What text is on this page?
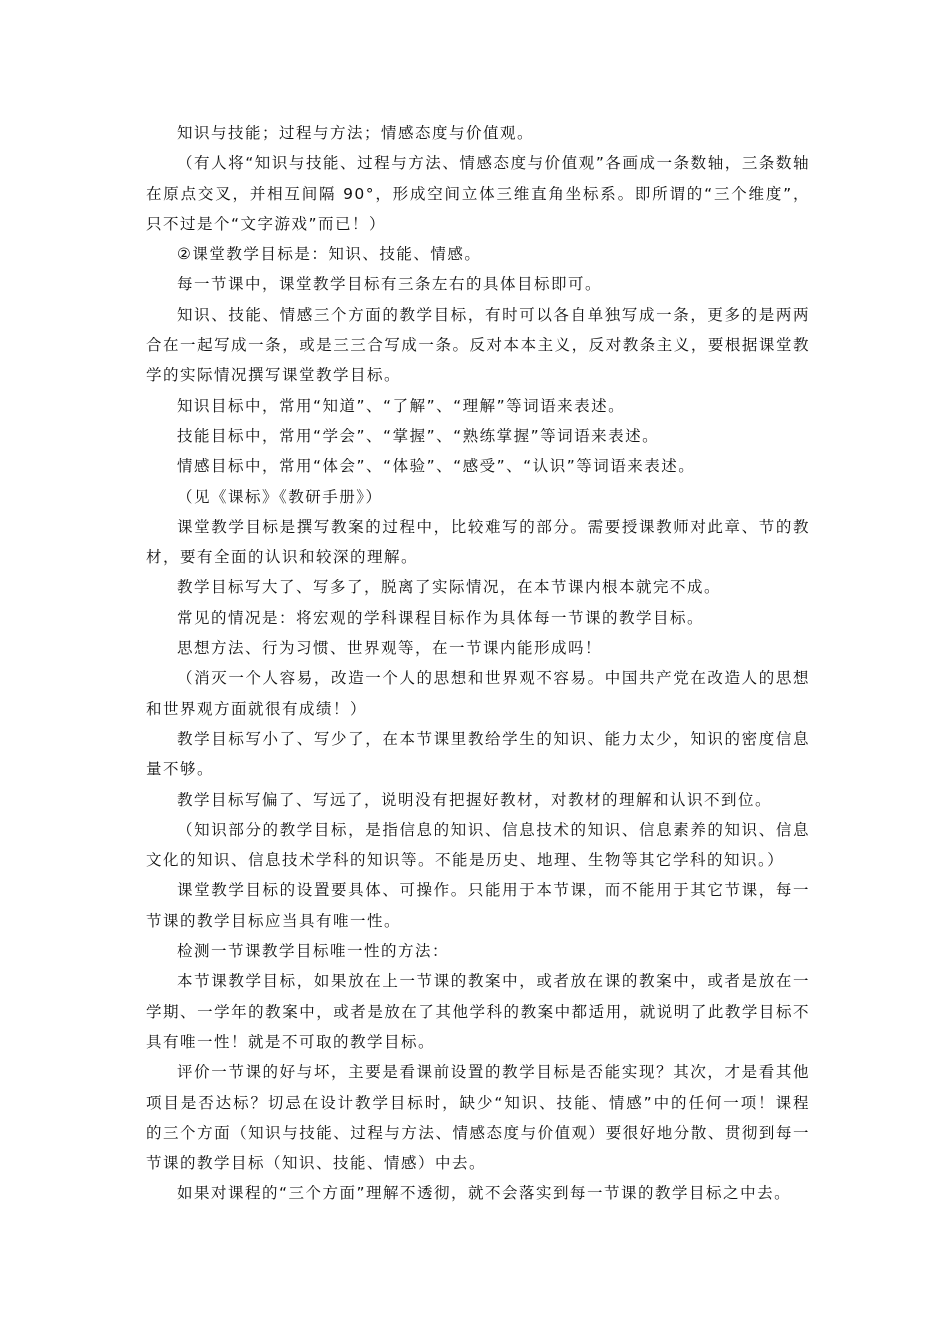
知识与技能；过程与方法；情感态度与价值观。

（有人将“知识与技能、过程与方法、情感态度与价值观”各画成一条数轴，三条数轴在原点交叉，并相互间隔 90°，形成空间立体三维直角坐标系。即所谓的“三个维度”，只不过是个“文字游戏”而已！）

②课堂教学目标是：知识、技能、情感。

每一节课中，课堂教学目标有三条左右的具体目标即可。

知识、技能、情感三个方面的教学目标，有时可以各自单独写成一条，更多的是两两合在一起写成一条，或是三三合写成一条。反对本本主义，反对教条主义，要根据课堂教学的实际情况撰写课堂教学目标。

知识目标中，常用“知道”、“了解”、“理解”等词语来表述。

技能目标中，常用“学会”、“掌握”、“熟练掌握”等词语来表述。

情感目标中，常用“体会”、“体验”、“感受”、“认识”等词语来表述。

（见《课标》《教研手册》）

课堂教学目标是撰写教案的过程中，比较难写的部分。需要授课教师对此章、节的教材，要有全面的认识和较深的理解。

教学目标写大了、写多了，脱离了实际情况，在本节课内根本就完不成。

常见的情况是：将宏观的学科课程目标作为具体每一节课的教学目标。

思想方法、行为习惯、世界观等，在一节课内能形成吗！

（消灭一个人容易，改造一个人的思想和世界观不容易。中国共产党在改造人的思想和世界观方面就很有成绩！）

教学目标写小了、写少了，在本节课里教给学生的知识、能力太少，知识的密度信息量不够。

教学目标写偏了、写远了，说明没有把握好教材，对教材的理解和认识不到位。

（知识部分的教学目标，是指信息的知识、信息技术的知识、信息素养的知识、信息文化的知识、信息技术学科的知识等。不能是历史、地理、生物等其它学科的知识。）

课堂教学目标的设置要具体、可操作。只能用于本节课，而不能用于其它节课，每一节课的教学目标应当具有唯一性。

检测一节课教学目标唯一性的方法：

本节课教学目标，如果放在上一节课的教案中，或者放在课的教案中，或者是放在一学期、一学年的教案中，或者是放在了其他学科的教案中都适用，就说明了此教学目标不具有唯一性！就是不可取的教学目标。

评价一节课的好与坏，主要是看课前设置的教学目标是否能实现？其次，才是看其他项目是否达标？切忌在设计教学目标时，缺少“知识、技能、情感”中的任何一项！课程的三个方面（知识与技能、过程与方法、情感态度与价值观）要很好地分散、贯彻到每一节课的教学目标（知识、技能、情感）中去。

如果对课程的“三个方面”理解不透彻，就不会落实到每一节课的教学目标之中去。
